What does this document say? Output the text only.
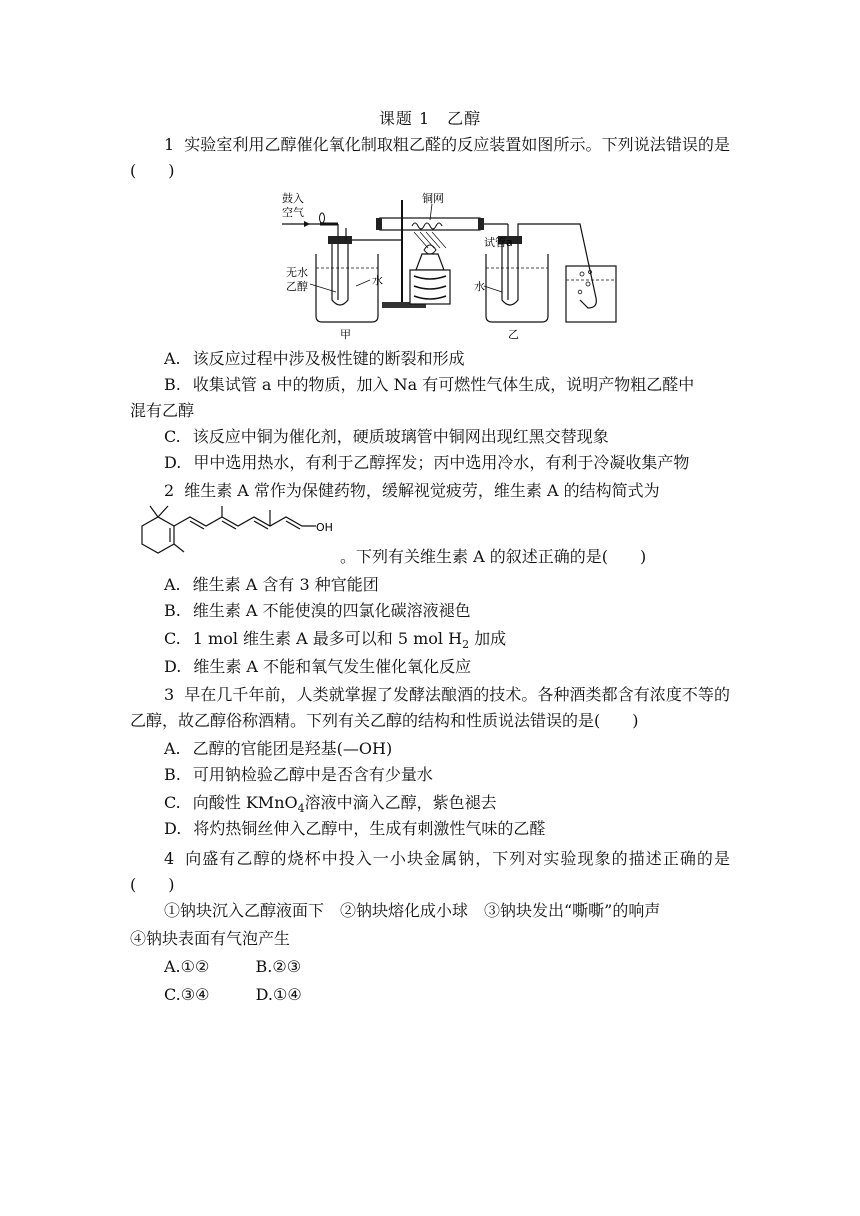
课题 1　乙醇
1 实验室利用乙醇催化氧化制取粗乙醛的反应装置如图所示。下列说法错误的是(　　)
鼓入
空气
无水
乙醇	水
甲
铜网
试管a
水
乙
A. 该反应过程中涉及极性键的断裂和形成
B. 收集试管 a 中的物质，加入 Na 有可燃性气体生成，说明产物粗乙醛中
混有乙醇
C. 该反应中铜为催化剂，硬质玻璃管中铜网出现红黑交替现象
D. 甲中选用热水，有利于乙醇挥发；丙中选用冷水，有利于冷凝收集产物
2 维生素 A 常作为保健药物，缓解视觉疲劳，维生素 A 的结构简式为
OH
。下列有关维生素 A 的叙述正确的是(　　)
A. 维生素 A 含有 3 种官能团
B. 维生素 A 不能使溴的四氯化碳溶液褪色
C. 1 mol 维生素 A 最多可以和 5 mol $H_2$ 加成
D. 维生素 A 不能和氧气发生催化氧化反应
3 早在几千年前，人类就掌握了发酵法酿酒的技术。各种酒类都含有浓度不等的乙醇，故乙醇俗称酒精。下列有关乙醇的结构和性质说法错误的是(　　)
A. 乙醇的官能团是羟基(—OH)
B. 可用钠检验乙醇中是否含有少量水
C. 向酸性 KMnO$_4$溶液中滴入乙醇，紫色褪去
D. 将灼热铜丝伸入乙醇中，生成有刺激性气味的乙醛
4 向盛有乙醇的烧杯中投入一小块金属钠，下列对实验现象的描述正确的是(　　)
①钠块沉入乙醇液面下　②钠块熔化成小球　③钠块发出“嘶嘶”的响声
④钠块表面有气泡产生
A.①②	B.②③
C.③④	D.①④
